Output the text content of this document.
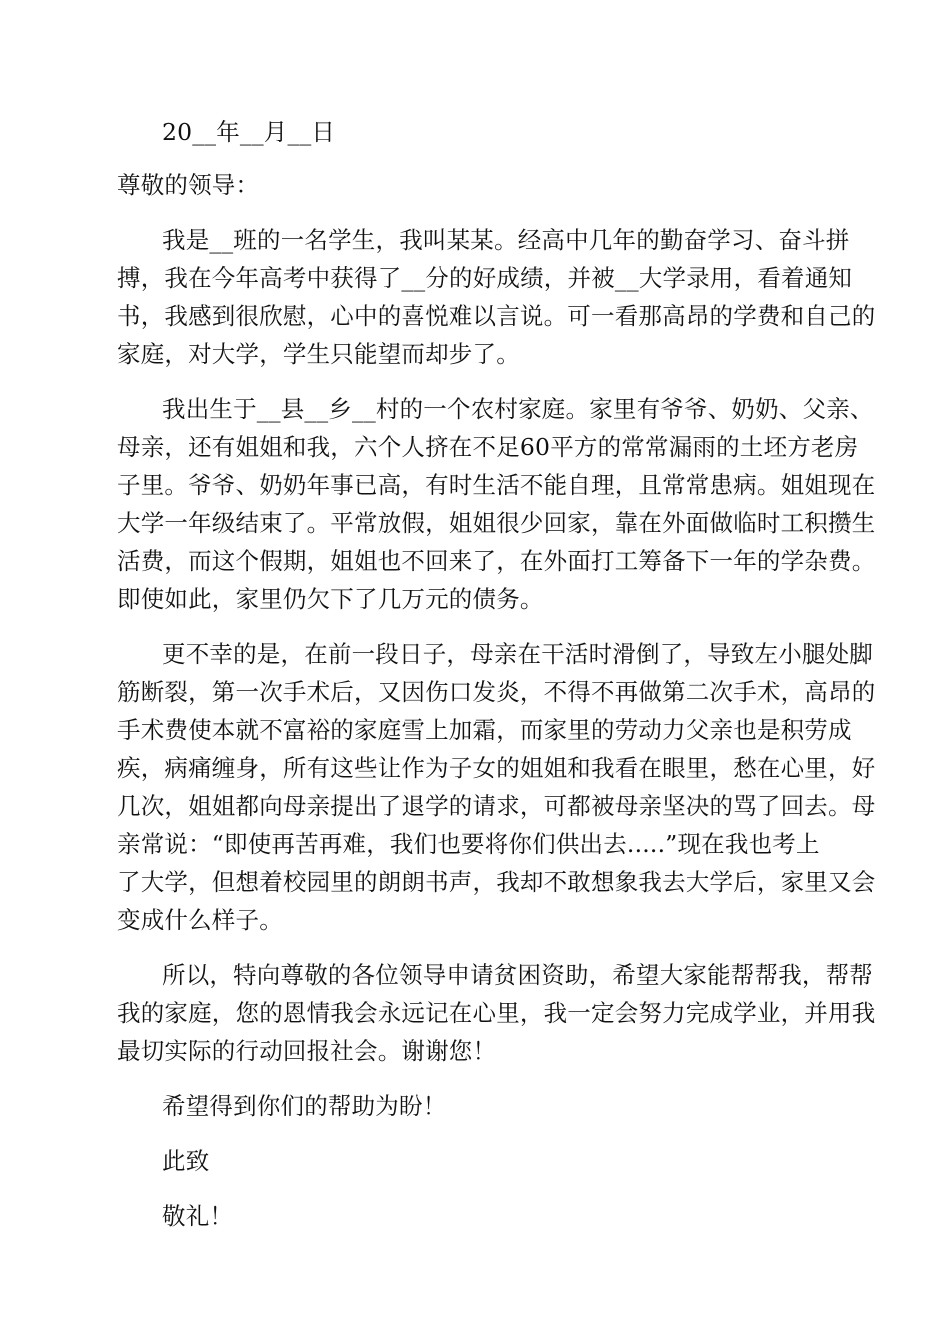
20__年__月__日
尊敬的领导：
我是__班的一名学生，我叫某某。经高中几年的勤奋学习、奋斗拼
搏，我在今年高考中获得了__分的好成绩，并被__大学录用，看着通知
书，我感到很欣慰，心中的喜悦难以言说。可一看那高昂的学费和自己的
家庭，对大学，学生只能望而却步了。
我出生于__县__乡__村的一个农村家庭。家里有爷爷、奶奶、父亲、
母亲，还有姐姐和我，六个人挤在不足60平方的常常漏雨的土坯方老房
子里。爷爷、奶奶年事已高，有时生活不能自理，且常常患病。姐姐现在
大学一年级结束了。平常放假，姐姐很少回家，靠在外面做临时工积攒生
活费，而这个假期，姐姐也不回来了，在外面打工筹备下一年的学杂费。
即使如此，家里仍欠下了几万元的债务。
更不幸的是，在前一段日子，母亲在干活时滑倒了，导致左小腿处脚
筋断裂，第一次手术后，又因伤口发炎，不得不再做第二次手术，高昂的
手术费使本就不富裕的家庭雪上加霜，而家里的劳动力父亲也是积劳成
疾，病痛缠身，所有这些让作为子女的姐姐和我看在眼里，愁在心里，好
几次，姐姐都向母亲提出了退学的请求，可都被母亲坚决的骂了回去。母
亲常说：“即使再苦再难，我们也要将你们供出去.....”现在我也考上
了大学，但想着校园里的朗朗书声，我却不敢想象我去大学后，家里又会
变成什么样子。
所以，特向尊敬的各位领导申请贫困资助，希望大家能帮帮我，帮帮
我的家庭，您的恩情我会永远记在心里，我一定会努力完成学业，并用我
最切实际的行动回报社会。谢谢您！
希望得到你们的帮助为盼！
此致
敬礼！
